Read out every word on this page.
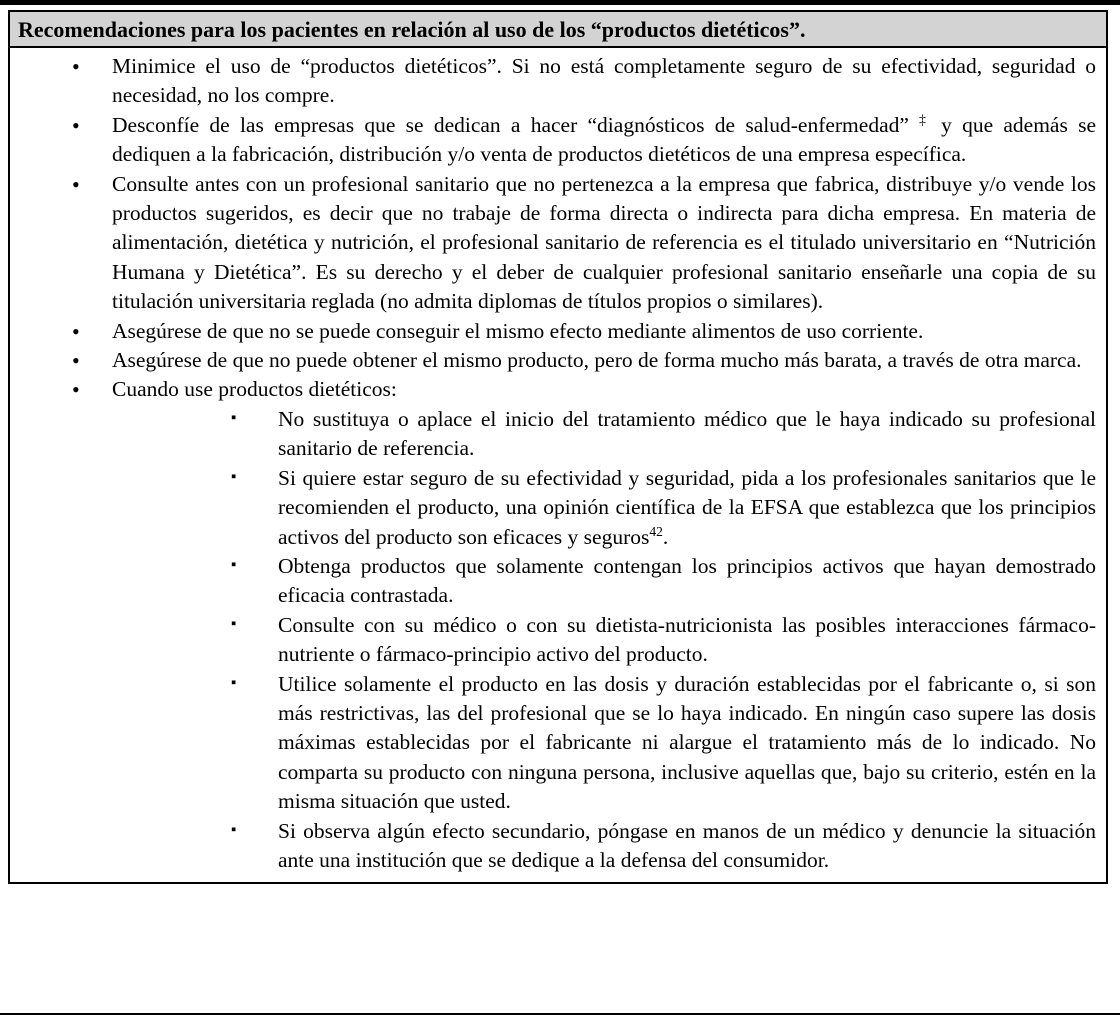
Recomendaciones para los pacientes en relación al uso de los “productos dietéticos”.
• Minimice el uso de “productos dietéticos”. Si no está completamente seguro de su efectividad, seguridad o necesidad, no los compre.
• Desconfíe de las empresas que se dedican a hacer “diagnósticos de salud-enfermedad” ‡ y que además se dediquen a la fabricación, distribución y/o venta de productos dietéticos de una empresa específica.
• Consulte antes con un profesional sanitario que no pertenezca a la empresa que fabrica, distribuye y/o vende los productos sugeridos, es decir que no trabaje de forma directa o indirecta para dicha empresa. En materia de alimentación, dietética y nutrición, el profesional sanitario de referencia es el titulado universitario en “Nutrición Humana y Dietética”. Es su derecho y el deber de cualquier profesional sanitario enseñarle una copia de su titulación universitaria reglada (no admita diplomas de títulos propios o similares).
• Asegúrese de que no se puede conseguir el mismo efecto mediante alimentos de uso corriente.
• Asegúrese de que no puede obtener el mismo producto, pero de forma mucho más barata, a través de otra marca.
• Cuando use productos dietéticos:
▪ No sustituya o aplace el inicio del tratamiento médico que le haya indicado su profesional sanitario de referencia.
▪ Si quiere estar seguro de su efectividad y seguridad, pida a los profesionales sanitarios que le recomienden el producto, una opinión científica de la EFSA que establezca que los principios activos del producto son eficaces y seguros$^{42}$.
▪ Obtenga productos que solamente contengan los principios activos que hayan demostrado eficacia contrastada.
▪ Consulte con su médico o con su dietista-nutricionista las posibles interacciones fármaco-nutriente o fármaco-principio activo del producto.
▪ Utilice solamente el producto en las dosis y duración establecidas por el fabricante o, si son más restrictivas, las del profesional que se lo haya indicado. En ningún caso supere las dosis máximas establecidas por el fabricante ni alargue el tratamiento más de lo indicado. No comparta su producto con ninguna persona, inclusive aquellas que, bajo su criterio, estén en la misma situación que usted.
▪ Si observa algún efecto secundario, póngase en manos de un médico y denuncie la situación ante una institución que se dedique a la defensa del consumidor.
